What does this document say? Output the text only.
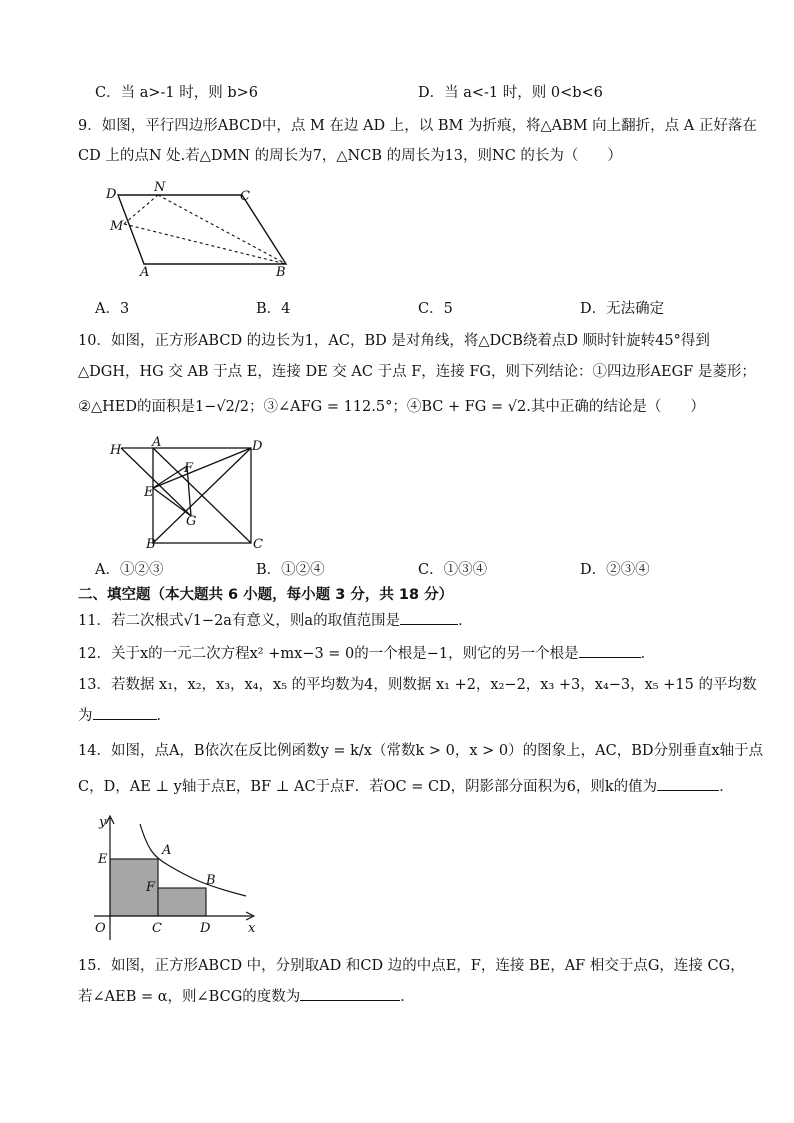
C．当 a>-1 时，则 b>6	D．当 a<-1 时，则 0<b<6
9．如图，平行四边形ABCD中，点 M 在边 AD 上，以 BM 为折痕，将△ABM 向上翻折，点 A 正好落在
CD 上的点N 处.若△DMN 的周长为7，△NCB 的周长为13，则NC 的长为（　　）
D	N
C
M
A	B
A．3	B．4	C．5	D．无法确定
10．如图，正方形ABCD 的边长为1，AC，BD 是对角线，将△DCB绕着点D 顺时针旋转45°得到
△DGH，HG 交 AB 于点 E，连接 DE 交 AC 于点 F，连接 FG，则下列结论：①四边形AEGF 是菱形；
②△HED的面积是1−√2/2；③∠AFG = 112.5°；④BC + FG = √2.其中正确的结论是（　　）
H
A	D
F
E
G
B	C
A．①②③	B．①②④	C．①③④	D．②③④
二、填空题（本大题共 6 小题，每小题 3 分，共 18 分）
11．若二次根式√1−2a有意义，则a的取值范围是	．
12．关于x的一元二次方程x² +mx−3 = 0的一个根是−1，则它的另一个根是	．
13．若数据 x₁，x₂，x₃，x₄，x₅ 的平均数为4，则数据 x₁ +2，x₂−2，x₃ +3，x₄−3，x₅ +15 的平均数
为	．
14．如图，点A，B依次在反比例函数y = k/x（常数k > 0，x > 0）的图象上，AC，BD分别垂直x轴于点
C，D，AE ⊥ y轴于点E，BF ⊥ AC于点F．若OC = CD，阴影部分面积为6，则k的值为	．
y
x
O	C	D
E
F
A
B
15．如图，正方形ABCD 中，分别取AD 和CD 边的中点E，F，连接 BE，AF 相交于点G，连接 CG，
若∠AEB = α，则∠BCG的度数为	．
